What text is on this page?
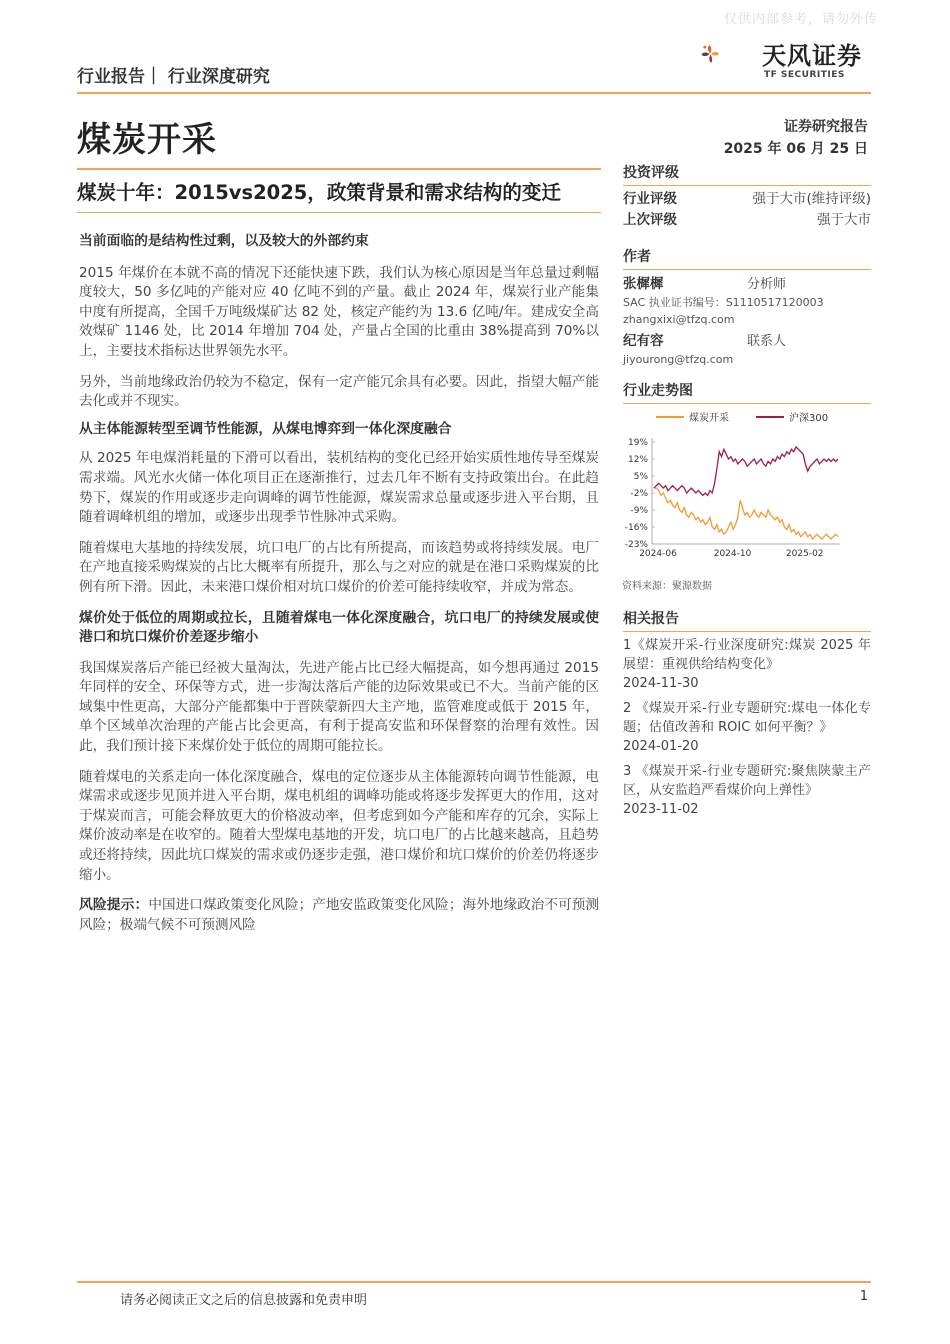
仅供内部参考，请勿外传
天风证券
TF SECURITIES
行业报告｜ 行业深度研究
煤炭开采	证券研究报告
2025 年 06 月 25 日
煤炭十年：2015vs2025，政策背景和需求结构的变迁

当前面临的是结构性过剩，以及较大的外部约束

2015 年煤价在本就不高的情况下还能快速下跌，我们认为核心原因是当年总量过剩幅度较大，50 多亿吨的产能对应 40 亿吨不到的产量。截止 2024 年，煤炭行业产能集中度有所提高，全国千万吨级煤矿达 82 处，核定产能约为 13.6 亿吨/年。建成安全高效煤矿 1146 处，比 2014 年增加 704 处，产量占全国的比重由 38%提高到 70%以上，主要技术指标达世界领先水平。

另外，当前地缘政治仍较为不稳定，保有一定产能冗余具有必要。因此，指望大幅产能去化或并不现实。

从主体能源转型至调节性能源，从煤电博弈到一体化深度融合

从 2025 年电煤消耗量的下滑可以看出，装机结构的变化已经开始实质性地传导至煤炭需求端。风光水火储一体化项目正在逐渐推行，过去几年不断有支持政策出台。在此趋势下，煤炭的作用或逐步走向调峰的调节性能源，煤炭需求总量或逐步进入平台期，且随着调峰机组的增加，或逐步出现季节性脉冲式采购。

随着煤电大基地的持续发展，坑口电厂的占比有所提高，而该趋势或将持续发展。电厂在产地直接采购煤炭的占比大概率有所提升，那么与之对应的就是在港口采购煤炭的比例有所下滑。因此，未来港口煤价相对坑口煤价的价差可能持续收窄，并成为常态。

煤价处于低位的周期或拉长，且随着煤电一体化深度融合，坑口电厂的持续发展或使港口和坑口煤价价差逐步缩小

我国煤炭落后产能已经被大量淘汰，先进产能占比已经大幅提高，如今想再通过 2015 年同样的安全、环保等方式，进一步淘汰落后产能的边际效果或已不大。当前产能的区域集中性更高，大部分产能都集中于晋陕蒙新四大主产地，监管难度或低于 2015 年，单个区域单次治理的产能占比会更高，有利于提高安监和环保督察的治理有效性。因此，我们预计接下来煤价处于低位的周期可能拉长。

随着煤电的关系走向一体化深度融合，煤电的定位逐步从主体能源转向调节性能源，电煤需求或逐步见顶并进入平台期，煤电机组的调峰功能或将逐步发挥更大的作用，这对于煤炭而言，可能会释放更大的价格波动率，但考虑到如今产能和库存的冗余，实际上煤价波动率是在收窄的。随着大型煤电基地的开发，坑口电厂的占比越来越高，且趋势或还将持续，因此坑口煤炭的需求或仍逐步走强，港口煤价和坑口煤价的价差仍将逐步缩小。

风险提示：中国进口煤政策变化风险；产地安监政策变化风险；海外地缘政治不可预测风险；极端气候不可预测风险

投资评级
行业评级	强于大市(维持评级)
上次评级	强于大市
作者
张樨樨	分析师
SAC 执业证书编号：S1110517120003
zhangxixi@tfzq.com
纪有容	联系人
jiyourong@tfzq.com
行业走势图
煤炭开采	沪深300
19%
12%
5%
-2%
-9%
-16%
-23%
2024-06	2024-10	2025-02
资料来源：聚源数据
相关报告

1《煤炭开采-行业深度研究:煤炭 2025 年展望：重视供给结构变化》

2024-11-30

2 《煤炭开采-行业专题研究:煤电一体化专题；估值改善和 ROIC 如何平衡？》

2024-01-20

3 《煤炭开采-行业专题研究:聚焦陕蒙主产区，从安监趋严看煤价向上弹性》

2023-11-02

请务必阅读正文之后的信息披露和免责申明	1
